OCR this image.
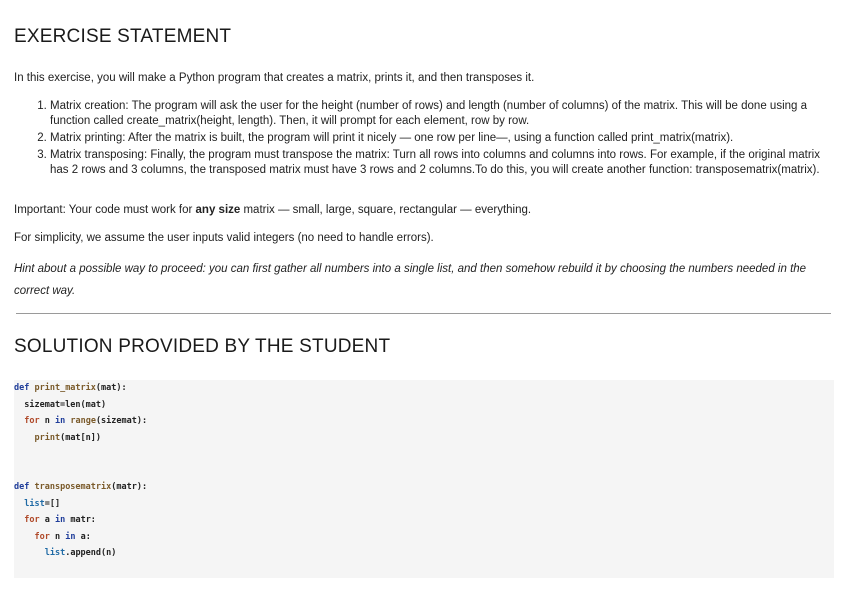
EXERCISE STATEMENT

In this exercise, you will make a Python program that creates a matrix, prints it, and then transposes it.

1. Matrix creation: The program will ask the user for the height (number of rows) and length (number of columns) of the matrix. This will be done using a function called create_matrix(height, length). Then, it will prompt for each element, row by row.
2. Matrix printing: After the matrix is built, the program will print it nicely — one row per line—, using a function called print_matrix(matrix).
3. Matrix transposing: Finally, the program must transpose the matrix: Turn all rows into columns and columns into rows. For example, if the original matrix has 2 rows and 3 columns, the transposed matrix must have 3 rows and 2 columns.To do this, you will create another function: transposematrix(matrix).

Important: Your code must work for any size matrix — small, large, square, rectangular — everything.

For simplicity, we assume the user inputs valid integers (no need to handle errors).

Hint about a possible way to proceed: you can first gather all numbers into a single list, and then somehow rebuild it by choosing the numbers needed in the correct way.

SOLUTION PROVIDED BY THE STUDENT
def print_matrix(mat):
sizemat=len(mat)
for n in range(sizemat):
print(mat[n])

def transposematrix(matr):
list=[]
for a in matr:
for n in a:
list.append(n)
